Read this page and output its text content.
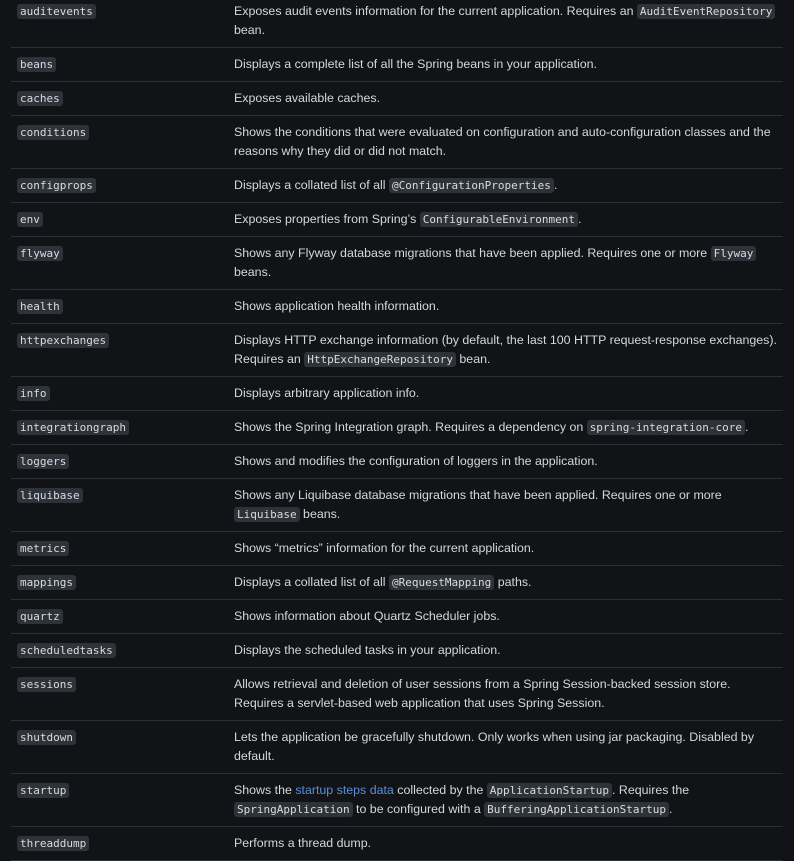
auditevents	Exposes audit events information for the current application. Requires an AuditEventRepository bean.
beans	Displays a complete list of all the Spring beans in your application.
caches	Exposes available caches.
conditions	Shows the conditions that were evaluated on configuration and auto-configuration classes and the reasons why they did or did not match.
configprops	Displays a collated list of all @ConfigurationProperties .
env	Exposes properties from Spring’s ConfigurableEnvironment .
flyway	Shows any Flyway database migrations that have been applied. Requires one or more Flyway beans.
health	Shows application health information.
httpexchanges	Displays HTTP exchange information (by default, the last 100 HTTP request-response exchanges). Requires an HttpExchangeRepository bean.
info	Displays arbitrary application info.
integrationgraph	Shows the Spring Integration graph. Requires a dependency on spring-integration-core .
loggers	Shows and modifies the configuration of loggers in the application.
liquibase	Shows any Liquibase database migrations that have been applied. Requires one or more Liquibase beans.
metrics	Shows “metrics” information for the current application.
mappings	Displays a collated list of all @RequestMapping paths.
quartz	Shows information about Quartz Scheduler jobs.
scheduledtasks	Displays the scheduled tasks in your application.
sessions	Allows retrieval and deletion of user sessions from a Spring Session-backed session store. Requires a servlet-based web application that uses Spring Session.
shutdown	Lets the application be gracefully shutdown. Only works when using jar packaging. Disabled by default.
startup	Shows the startup steps data collected by the ApplicationStartup . Requires the SpringApplication to be configured with a BufferingApplicationStartup .
threaddump	Performs a thread dump.
